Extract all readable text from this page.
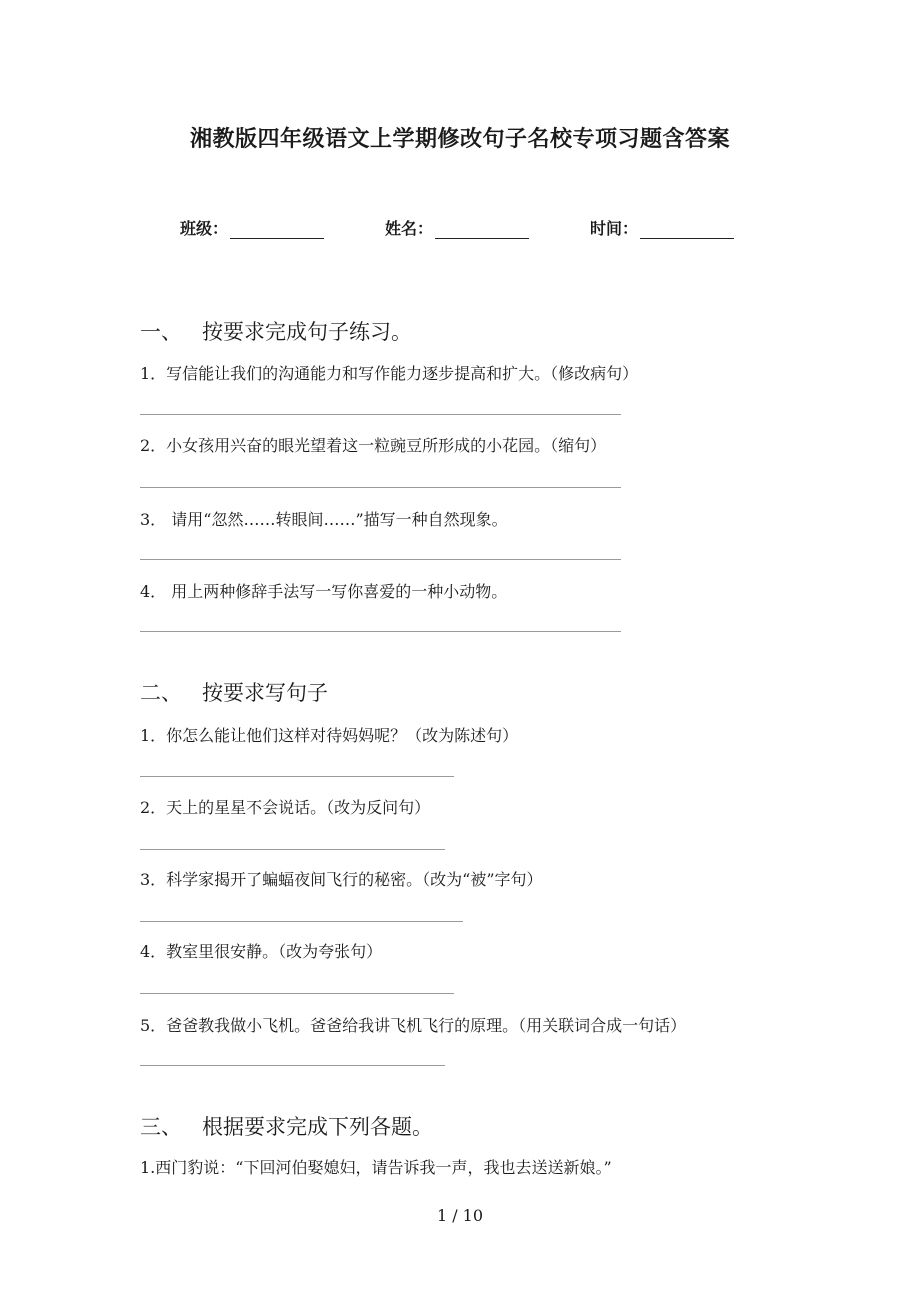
湘教版四年级语文上学期修改句子名校专项习题含答案
班级：	姓名：	时间：
一、 按要求完成句子练习。
1．写信能让我们的沟通能力和写作能力逐步提高和扩大。（修改病句）
2．小女孩用兴奋的眼光望着这一粒豌豆所形成的小花园。（缩句）
3． 请用“忽然……转眼间……”描写一种自然现象。
4． 用上两种修辞手法写一写你喜爱的一种小动物。
二、 按要求写句子
1．你怎么能让他们这样对待妈妈呢？（改为陈述句）
2．天上的星星不会说话。（改为反问句）
3．科学家揭开了蝙蝠夜间飞行的秘密。（改为“被”字句）
4．教室里很安静。（改为夸张句）
5．爸爸教我做小飞机。爸爸给我讲飞机飞行的原理。（用关联词合成一句话）
三、 根据要求完成下列各题。
1.西门豹说：“下回河伯娶媳妇，请告诉我一声，我也去送送新娘。”
1 / 10
